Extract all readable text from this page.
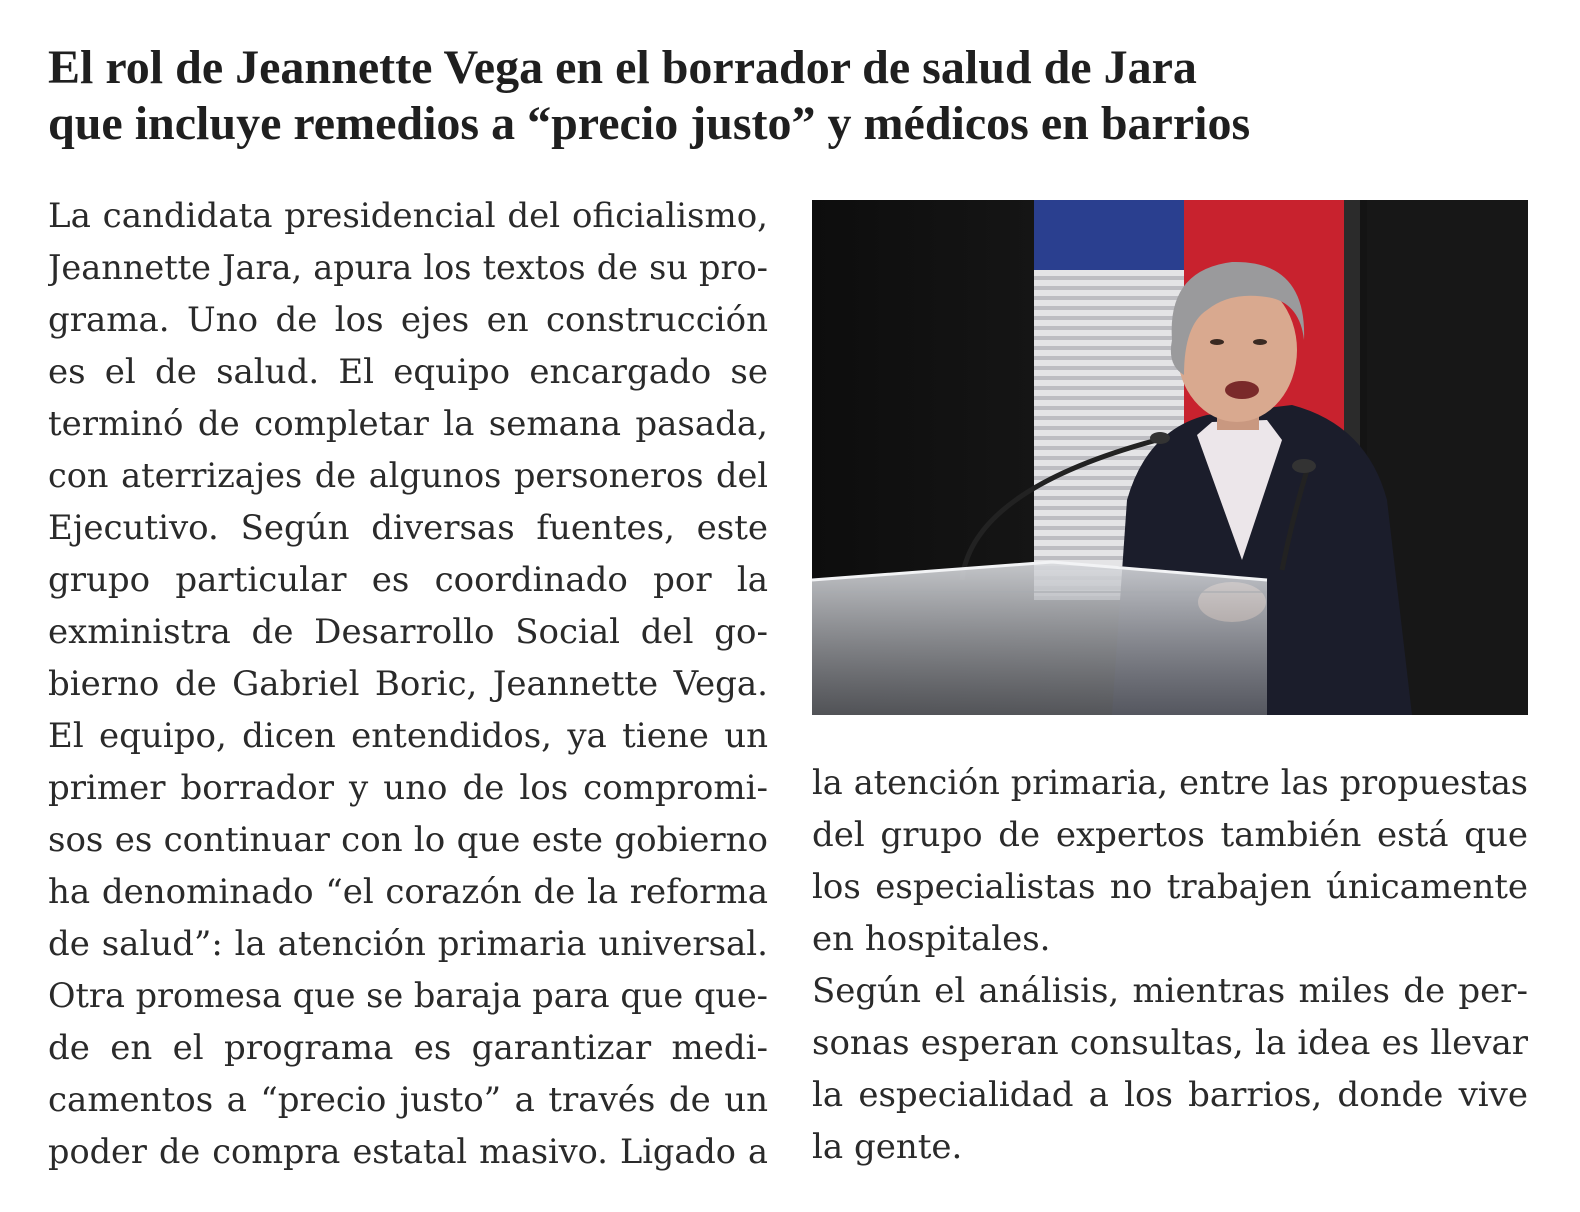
El rol de Jeannette Vega en el borrador de salud de Jara
que incluye remedios a “precio justo” y médicos en barrios
La candidata presidencial del oficialismo,
Jeannette Jara, apura los textos de su pro-
grama. Uno de los ejes en construcción
es el de salud. El equipo encargado se
terminó de completar la semana pasada,
con aterrizajes de algunos personeros del
Ejecutivo. Según diversas fuentes, este
grupo particular es coordinado por la
exministra de Desarrollo Social del go-
bierno de Gabriel Boric, Jeannette Vega.
El equipo, dicen entendidos, ya tiene un
primer borrador y uno de los compromi-
sos es continuar con lo que este gobierno
ha denominado “el corazón de la reforma
de salud”: la atención primaria universal.
Otra promesa que se baraja para que que-
de en el programa es garantizar medi-
camentos a “precio justo” a través de un
poder de compra estatal masivo. Ligado a
la atención primaria, entre las propuestas
del grupo de expertos también está que
los especialistas no trabajen únicamente
en hospitales.
Según el análisis, mientras miles de per-
sonas esperan consultas, la idea es llevar
la especialidad a los barrios, donde vive
la gente.
